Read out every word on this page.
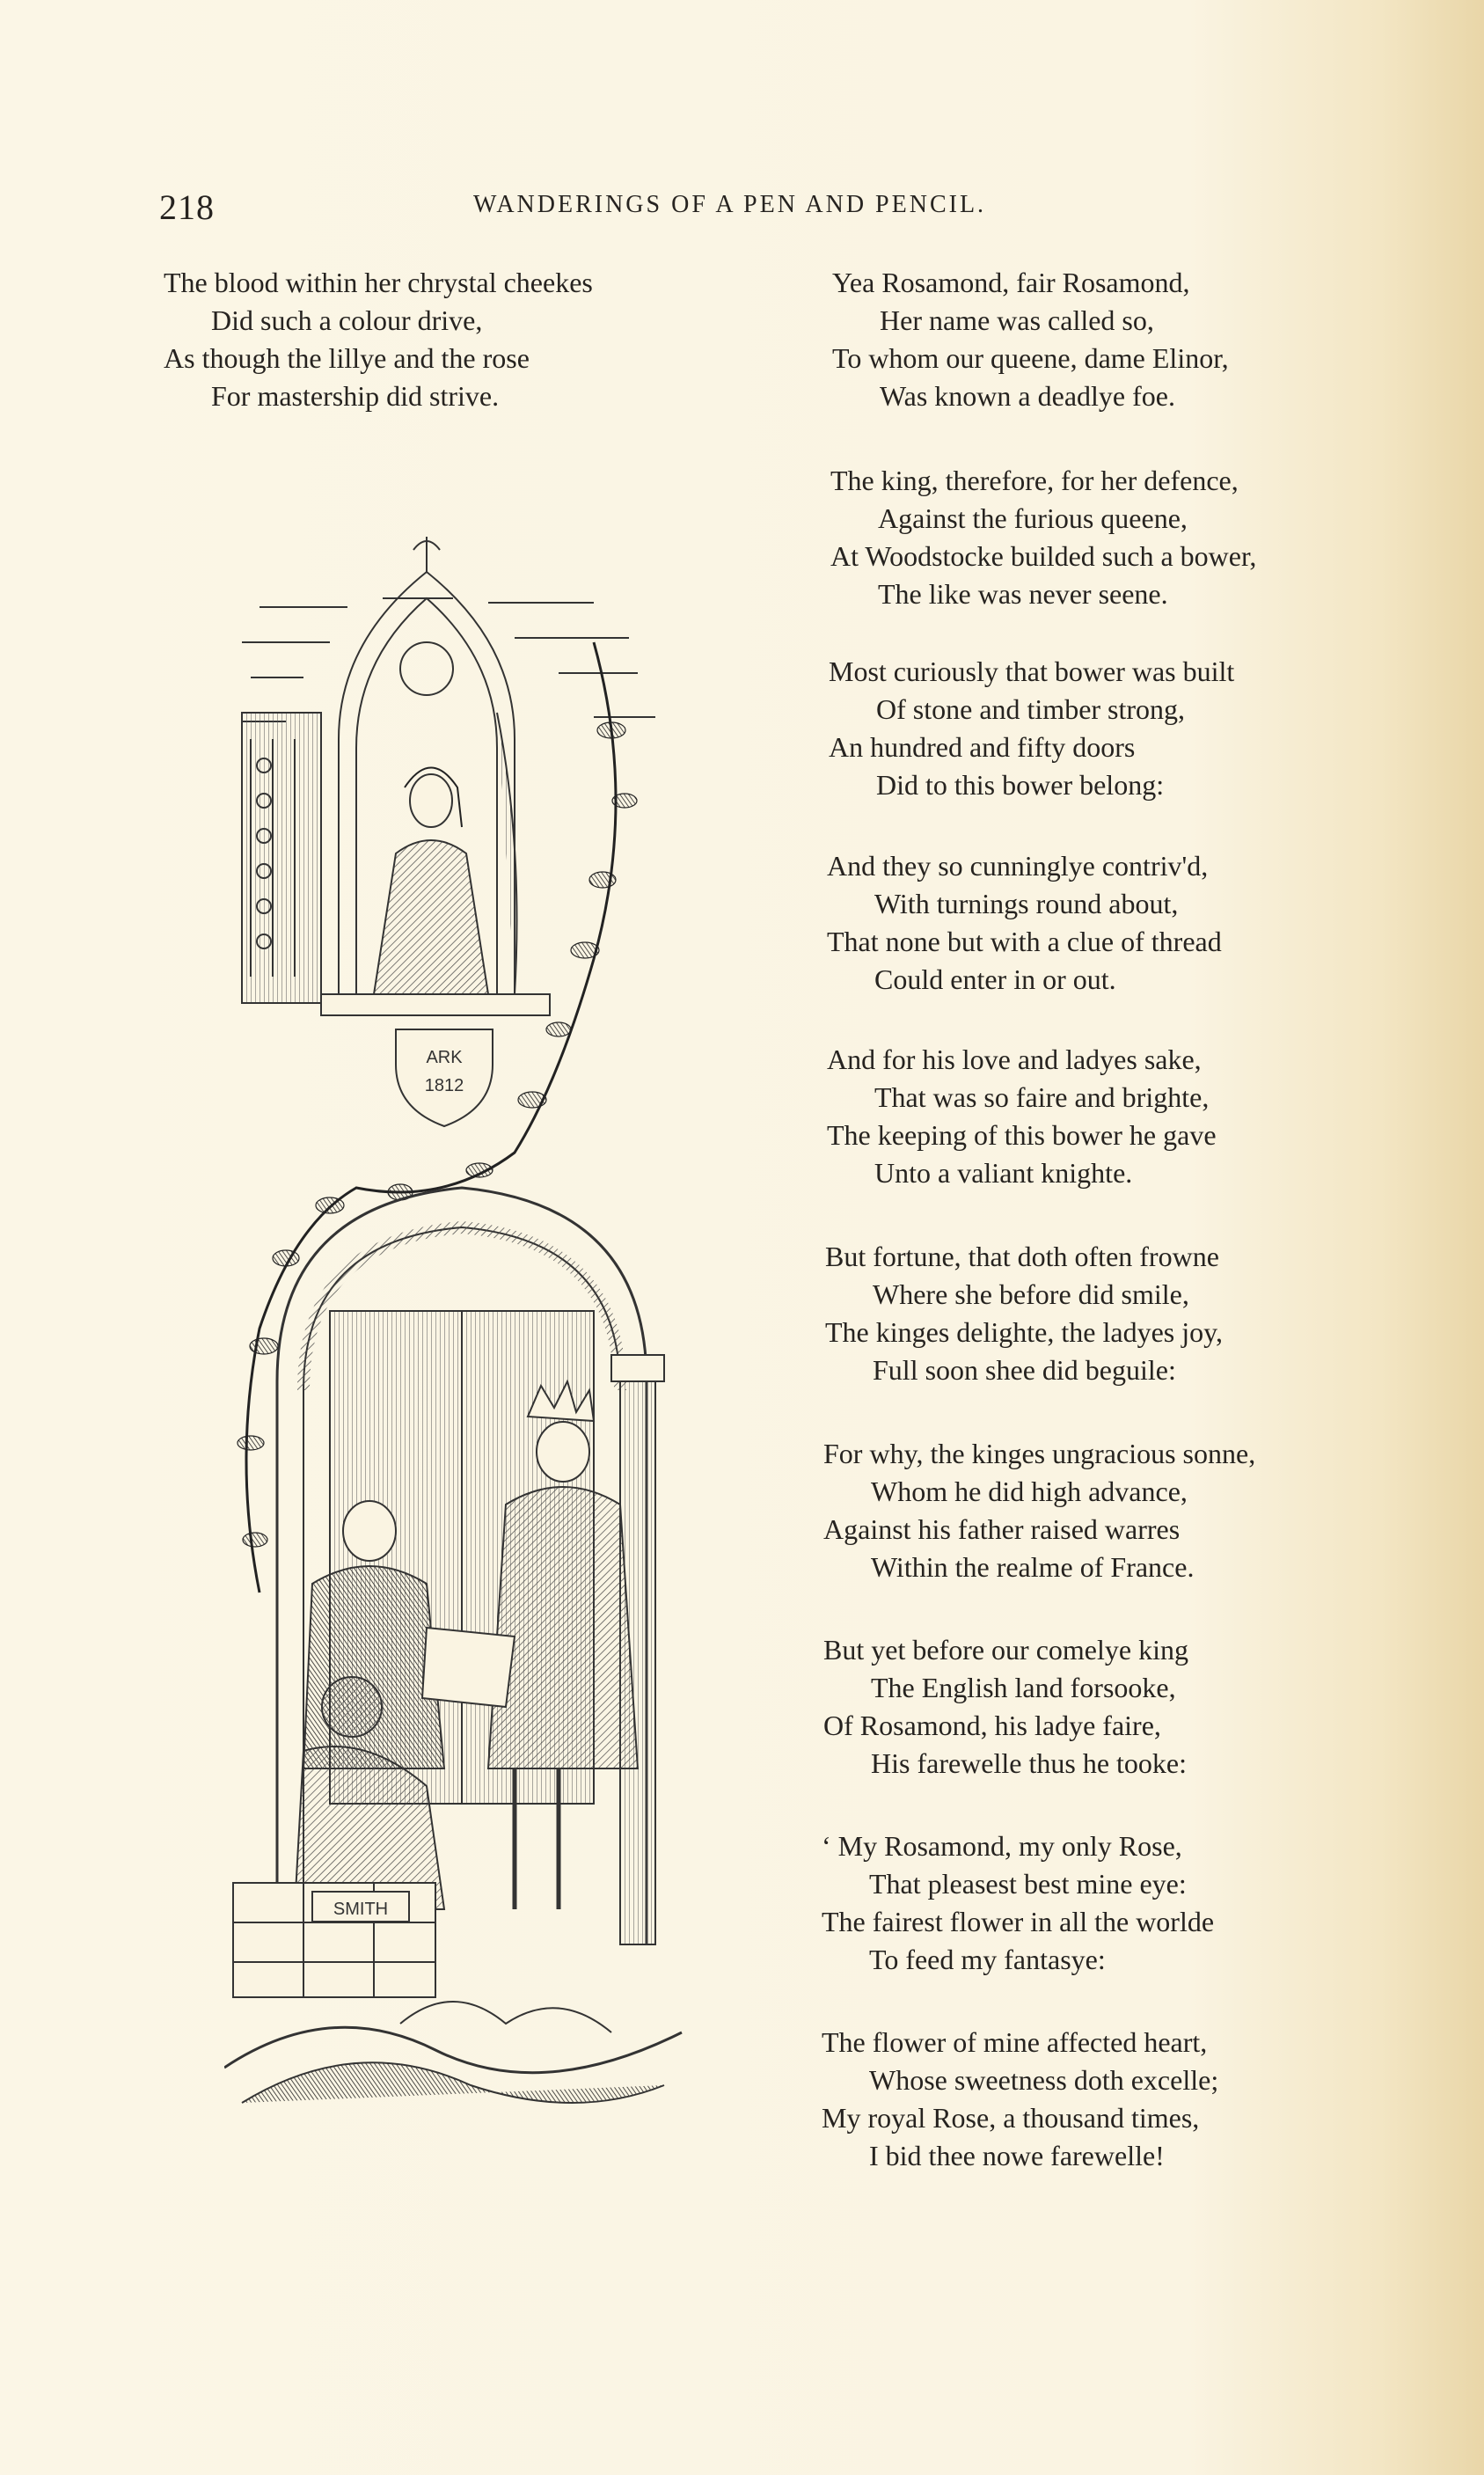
218	WANDERINGS OF A PEN AND PENCIL.
The blood within her chrystal cheekes
Did such a colour drive,
As though the lillye and the rose
For mastership did strive.
ARK
1812
SMITH
Yea Rosamond, fair Rosamond,
Her name was called so,
To whom our queene, dame Elinor,
Was known a deadlye foe.
The king, therefore, for her defence,
Against the furious queene,
At Woodstocke builded such a bower,
The like was never seene.
Most curiously that bower was built
Of stone and timber strong,
An hundred and fifty doors
Did to this bower belong:
And they so cunninglye contriv'd,
With turnings round about,
That none but with a clue of thread
Could enter in or out.
And for his love and ladyes sake,
That was so faire and brighte,
The keeping of this bower he gave
Unto a valiant knighte.
But fortune, that doth often frowne
Where she before did smile,
The kinges delighte, the ladyes joy,
Full soon shee did beguile:
For why, the kinges ungracious sonne,
Whom he did high advance,
Against his father raised warres
Within the realme of France.
But yet before our comelye king
The English land forsooke,
Of Rosamond, his ladye faire,
His farewelle thus he tooke:
‘ My Rosamond, my only Rose,
That pleasest best mine eye:
The fairest flower in all the worlde
To feed my fantasye:
The flower of mine affected heart,
Whose sweetness doth excelle;
My royal Rose, a thousand times,
I bid thee nowe farewelle!
